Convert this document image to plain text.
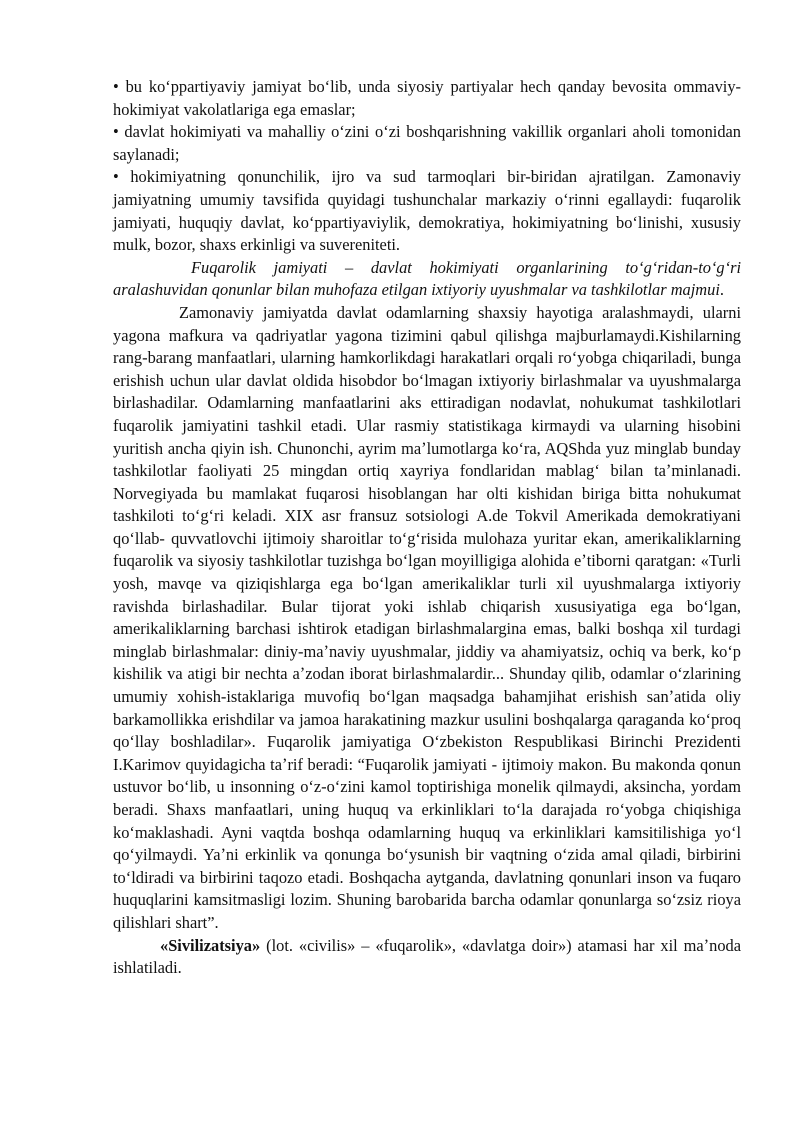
• bu koʻppartiyaviy jamiyat boʻlib, unda siyosiy partiyalar hech qanday bevosita ommaviy-hokimiyat vakolatlariga ega emaslar;

• davlat hokimiyati va mahalliy oʻzini oʻzi boshqarishning vakillik organlari aholi tomonidan saylanadi;

• hokimiyatning qonunchilik, ijro va sud tarmoqlari bir-biridan ajratilgan. Zamonaviy jamiyatning umumiy tavsifida quyidagi tushunchalar markaziy oʻrinni egallaydi: fuqarolik jamiyati, huquqiy davlat, koʻppartiyaviylik, demokratiya, hokimiyatning boʻlinishi, xususiy mulk, bozor, shaxs erkinligi va suvereniteti.

Fuqarolik jamiyati – davlat hokimiyati organlarining toʻgʻridan-toʻgʻri aralashuvidan qonunlar bilan muhofaza etilgan ixtiyoriy uyushmalar va tashkilotlar majmui.

Zamonaviy jamiyatda davlat odamlarning shaxsiy hayotiga aralashmaydi, ularni yagona mafkura va qadriyatlar yagona tizimini qabul qilishga majburlamaydi.Kishilarning rang-barang manfaatlari, ularning hamkorlikdagi harakatlari orqali roʻyobga chiqariladi, bunga erishish uchun ular davlat oldida hisobdor boʻlmagan ixtiyoriy birlashmalar va uyushmalarga birlashadilar. Odamlarning manfaatlarini aks ettiradigan nodavlat, nohukumat tashkilotlari fuqarolik jamiyatini tashkil etadi. Ular rasmiy statistikaga kirmaydi va ularning hisobini yuritish ancha qiyin ish. Chunonchi, ayrim maʼlumotlarga koʻra, AQShda yuz minglab bunday tashkilotlar faoliyati 25 mingdan ortiq xayriya fondlaridan mablagʻ bilan taʼminlanadi. Norvegiyada bu mamlakat fuqarosi hisoblangan har olti kishidan biriga bitta nohukumat tashkiloti toʻgʻri keladi. XIX asr fransuz sotsiologi A.de Tokvil Amerikada demokratiyani qoʻllab- quvvatlovchi ijtimoiy sharoitlar toʻgʻrisida mulohaza yuritar ekan, amerikaliklarning fuqarolik va siyosiy tashkilotlar tuzishga boʻlgan moyilligiga alohida eʼtiborni qaratgan: «Turli yosh, mavqe va qiziqishlarga ega boʻlgan amerikaliklar turli xil uyushmalarga ixtiyoriy ravishda birlashadilar. Bular tijorat yoki ishlab chiqarish xususiyatiga ega boʻlgan, amerikaliklarning barchasi ishtirok etadigan birlashmalargina emas, balki boshqa xil turdagi minglab birlashmalar: diniy-maʼnaviy uyushmalar, jiddiy va ahamiyatsiz, ochiq va berk, koʻp kishilik va atigi bir nechta aʼzodan iborat birlashmalardir... Shunday qilib, odamlar oʻzlarining umumiy xohish-istaklariga muvofiq boʻlgan maqsadga bahamjihat erishish sanʼatida oliy barkamollikka erishdilar va jamoa harakatining mazkur usulini boshqalarga qaraganda koʻproq qoʻllay boshladilar». Fuqarolik jamiyatiga Oʻzbekiston Respublikasi Birinchi Prezidenti I.Karimov quyidagicha taʼrif beradi: “Fuqarolik jamiyati - ijtimoiy makon. Bu makonda qonun ustuvor boʻlib, u insonning oʻz-oʻzini kamol toptirishiga monelik qilmaydi, aksincha, yordam beradi. Shaxs manfaatlari, uning huquq va erkinliklari toʻla darajada roʻyobga chiqishiga koʻmaklashadi. Ayni vaqtda boshqa odamlarning huquq va erkinliklari kamsitilishiga yoʻl qoʻyilmaydi. Yaʼni erkinlik va qonunga boʻysunish bir vaqtning oʻzida amal qiladi, birbirini toʻldiradi va birbirini taqozo etadi. Boshqacha aytganda, davlatning qonunlari inson va fuqaro huquqlarini kamsitmasligi lozim. Shuning barobarida barcha odamlar qonunlarga soʻzsiz rioya qilishlari shart”.

«Sivilizatsiya» (lot. «civilis» – «fuqarolik», «davlatga doir») atamasi har xil maʼnoda ishlatiladi.
